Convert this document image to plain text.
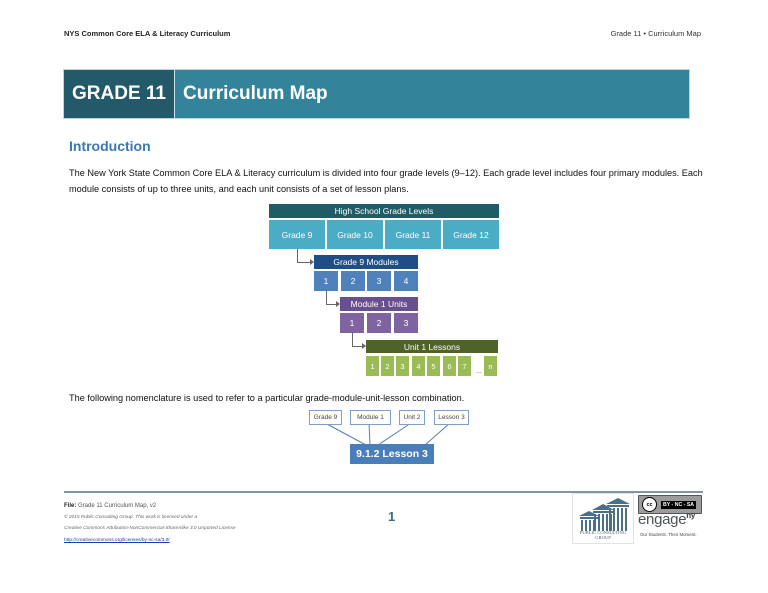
NYS Common Core ELA & Literacy Curriculum	Grade 11 • Curriculum Map
GRADE 11 Curriculum Map
Introduction
The New York State Common Core ELA & Literacy curriculum is divided into four grade levels (9–12). Each grade level includes four primary modules. Each module consists of up to three units, and each unit consists of a set of lesson plans.
High School Grade Levels
Grade 9	Grade 10	Grade 11	Grade 12
Grade 9 Modules
1	2	3	4
Module 1 Units
1	2	3
Unit 1 Lessons
1	2	3	4	5	6	7
...
n
The following nomenclature is used to refer to a particular grade-module-unit-lesson combination.
Grade 9	Module 1	Unit 2	Lesson 3
9.1.2 Lesson 3
File: Grade 11 Curriculum Map, v2
© 2015 Public Consulting Group. This work is licensed under a
Creative Commons Attribution-NonCommercial-ShareAlike 3.0 Unported License
http://creativecommons.org/licenses/by-nc-sa/3.0/
1
PUBLIC CONSULTING GROUP
cc	BY - NC - SA
engage$^{ny}$
Our Students. Their Moment.
